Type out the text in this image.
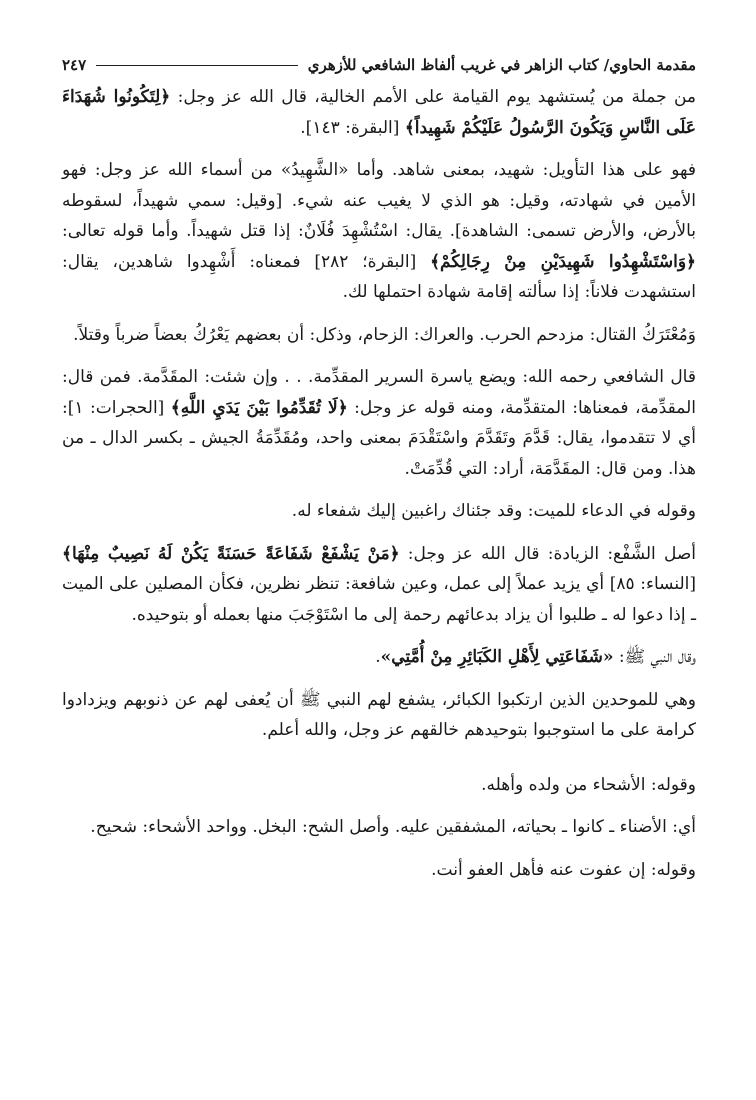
مقدمة الحاوي/ كتاب الزاهر في غريب ألفاظ الشافعي للأزهري
٢٤٧

من جملة من يُستشهد يوم القيامة على الأمم الخالية، قال الله عز وجل: ﴿لِتَكُونُوا شُهَدَاءَ عَلَى النَّاسِ وَيَكُونَ الرَّسُولُ عَلَيْكُمْ شَهِيداً﴾ [البقرة: ١٤٣].

فهو على هذا التأويل: شهيد، بمعنى شاهد. وأما «الشَّهِيدُ» من أسماء الله عز وجل: فهو الأمين في شهادته، وقيل: هو الذي لا يغيب عنه شيء. [وقيل: سمي شهيداً، لسقوطه بالأرض، والأرض تسمى: الشاهدة]. يقال: اسْتُشْهِدَ فُلَانٌ: إذا قتل شهيداً. وأما قوله تعالى: ﴿وَاسْتَشْهِدُوا شَهِيدَيْنِ مِنْ رِجَالِكُمْ﴾ [البقرة؛ ٢٨٢] فمعناه: أَشْهِدوا شاهدين، يقال: استشهدت فلاناً: إذا سألته إقامة شهادة احتملها لك.

وَمُعْتَرَكُ القتال: مزدحم الحرب. والعراك: الزحام، وذكل: أن بعضهم يَعْرُكُ بعضاً ضرباً وقتلاً.

قال الشافعي رحمه الله: ويضع ياسرة السرير المقدِّمة. . . وإن شئت: المقَدَّمة. فمن قال: المقدِّمة، فمعناها: المتقدِّمة، ومنه قوله عز وجل: ﴿لَا تُقَدِّمُوا بَيْنَ يَدَيِ اللَّهِ﴾ [الحجرات: ١]: أي لا تتقدموا، يقال: قَدَّمَ وتَقَدَّمَ واسْتَقْدَمَ بمعنى واحد، ومُقَدِّمَةُ الجيش ـ بكسر الدال ـ من هذا. ومن قال: المقَدَّمَة، أراد: التي قُدِّمَتْ.

وقوله في الدعاء للميت: وقد جئناك راغبين إليك شفعاء له.

أصل الشَّفْع: الزيادة: قال الله عز وجل: ﴿مَنْ يَشْفَعْ شَفَاعَةً حَسَنَةً يَكُنْ لَهُ نَصِيبٌ مِنْهَا﴾ [النساء: ٨٥] أي يزيد عملاً إلى عمل، وعين شافعة: تنظر نظرين، فكأن المصلين على الميت ـ إذا دعوا له ـ طلبوا أن يزاد بدعائهم رحمة إلى ما اسْتَوْجَبَ منها بعمله أو بتوحيده.

وقال النبي ﷺ: «شَفَاعَتِي لِأَهْلِ الكَبَائِرِ مِنْ أُمَّتِي».

وهي للموحدين الذين ارتكبوا الكبائر، يشفع لهم النبي ﷺ أن يُعفى لهم عن ذنوبهم ويزدادوا كرامة على ما استوجبوا بتوحيدهم خالقهم عز وجل، والله أعلم.

وقوله: الأشحاء من ولده وأهله.

أي: الأضناء ـ كانوا ـ بحياته، المشفقين عليه. وأصل الشح: البخل. وواحد الأشحاء: شحيح.

وقوله: إن عفوت عنه فأهل العفو أنت.
